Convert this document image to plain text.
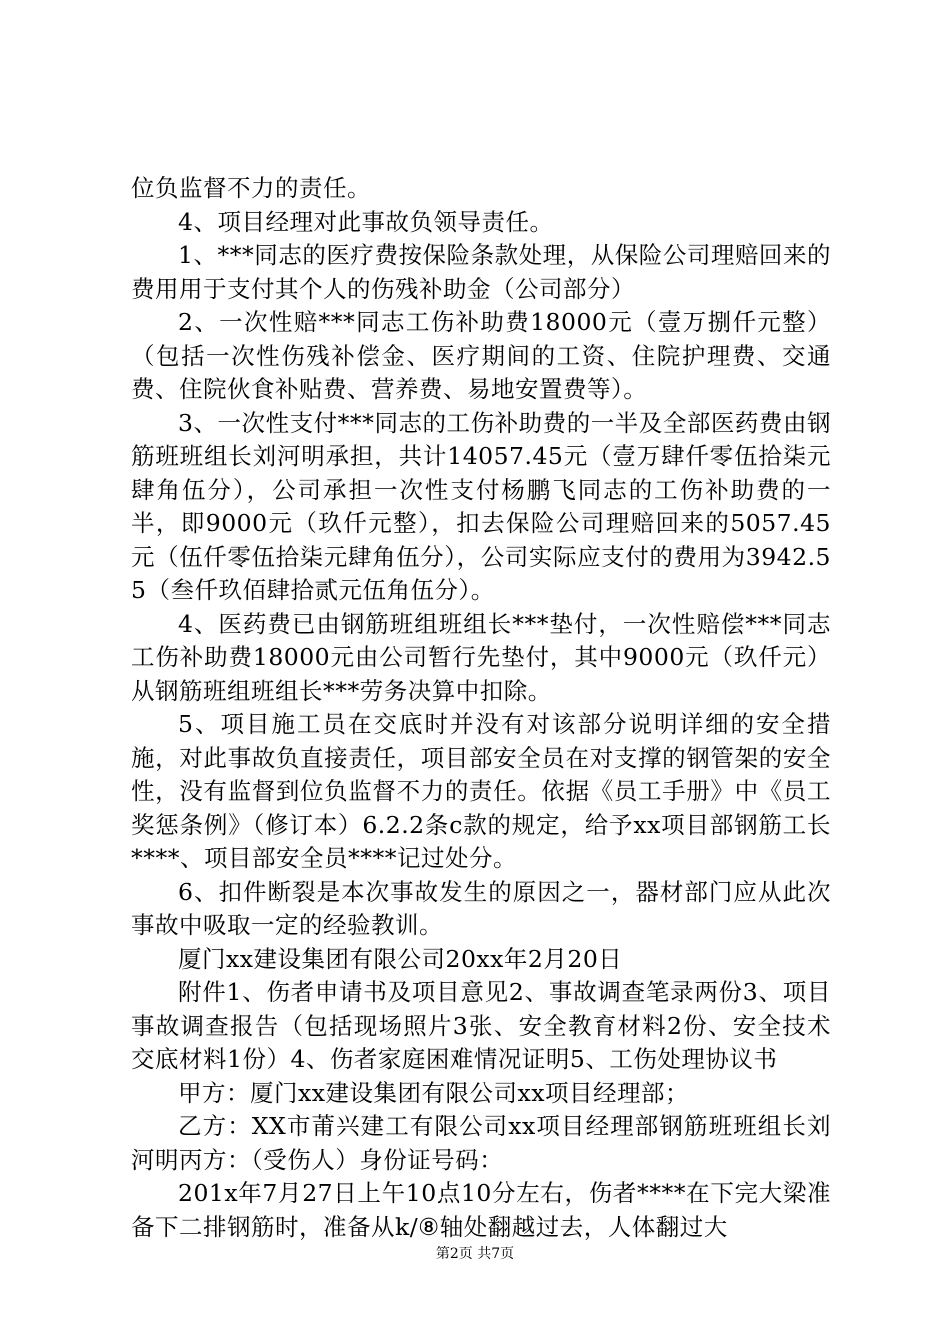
位负监督不力的责任。

4、项目经理对此事故负领导责任。

1、***同志的医疗费按保险条款处理，从保险公司理赔回来的费用用于支付其个人的伤残补助金（公司部分）

2、一次性赔***同志工伤补助费18000元（壹万捌仟元整）（包括一次性伤残补偿金、医疗期间的工资、住院护理费、交通费、住院伙食补贴费、营养费、易地安置费等）。

3、一次性支付***同志的工伤补助费的一半及全部医药费由钢筋班班组长刘河明承担，共计14057.45元（壹万肆仟零伍拾柒元肆角伍分），公司承担一次性支付杨鹏飞同志的工伤补助费的一半，即9000元（玖仟元整），扣去保险公司理赔回来的5057.45元（伍仟零伍拾柒元肆角伍分），公司实际应支付的费用为3942.55（叁仟玖佰肆拾贰元伍角伍分）。

4、医药费已由钢筋班组班组长***垫付，一次性赔偿***同志工伤补助费18000元由公司暂行先垫付，其中9000元（玖仟元）从钢筋班组班组长***劳务决算中扣除。

5、项目施工员在交底时并没有对该部分说明详细的安全措施，对此事故负直接责任，项目部安全员在对支撑的钢管架的安全性，没有监督到位负监督不力的责任。依据《员工手册》中《员工奖惩条例》（修订本）6.2.2条c款的规定，给予xx项目部钢筋工长****、项目部安全员****记过处分。

6、扣件断裂是本次事故发生的原因之一，器材部门应从此次事故中吸取一定的经验教训。

厦门xx建设集团有限公司20xx年2月20日

附件1、伤者申请书及项目意见2、事故调查笔录两份3、项目事故调查报告（包括现场照片3张、安全教育材料2份、安全技术交底材料1份）4、伤者家庭困难情况证明5、工伤处理协议书

甲方：厦门xx建设集团有限公司xx项目经理部；

乙方：XX市莆兴建工有限公司xx项目经理部钢筋班班组长刘河明丙方：（受伤人）身份证号码：

201x年7月27日上午10点10分左右，伤者****在下完大梁准备下二排钢筋时，准备从k/⑧轴处翻越过去，人体翻过大

第2页 共7页
